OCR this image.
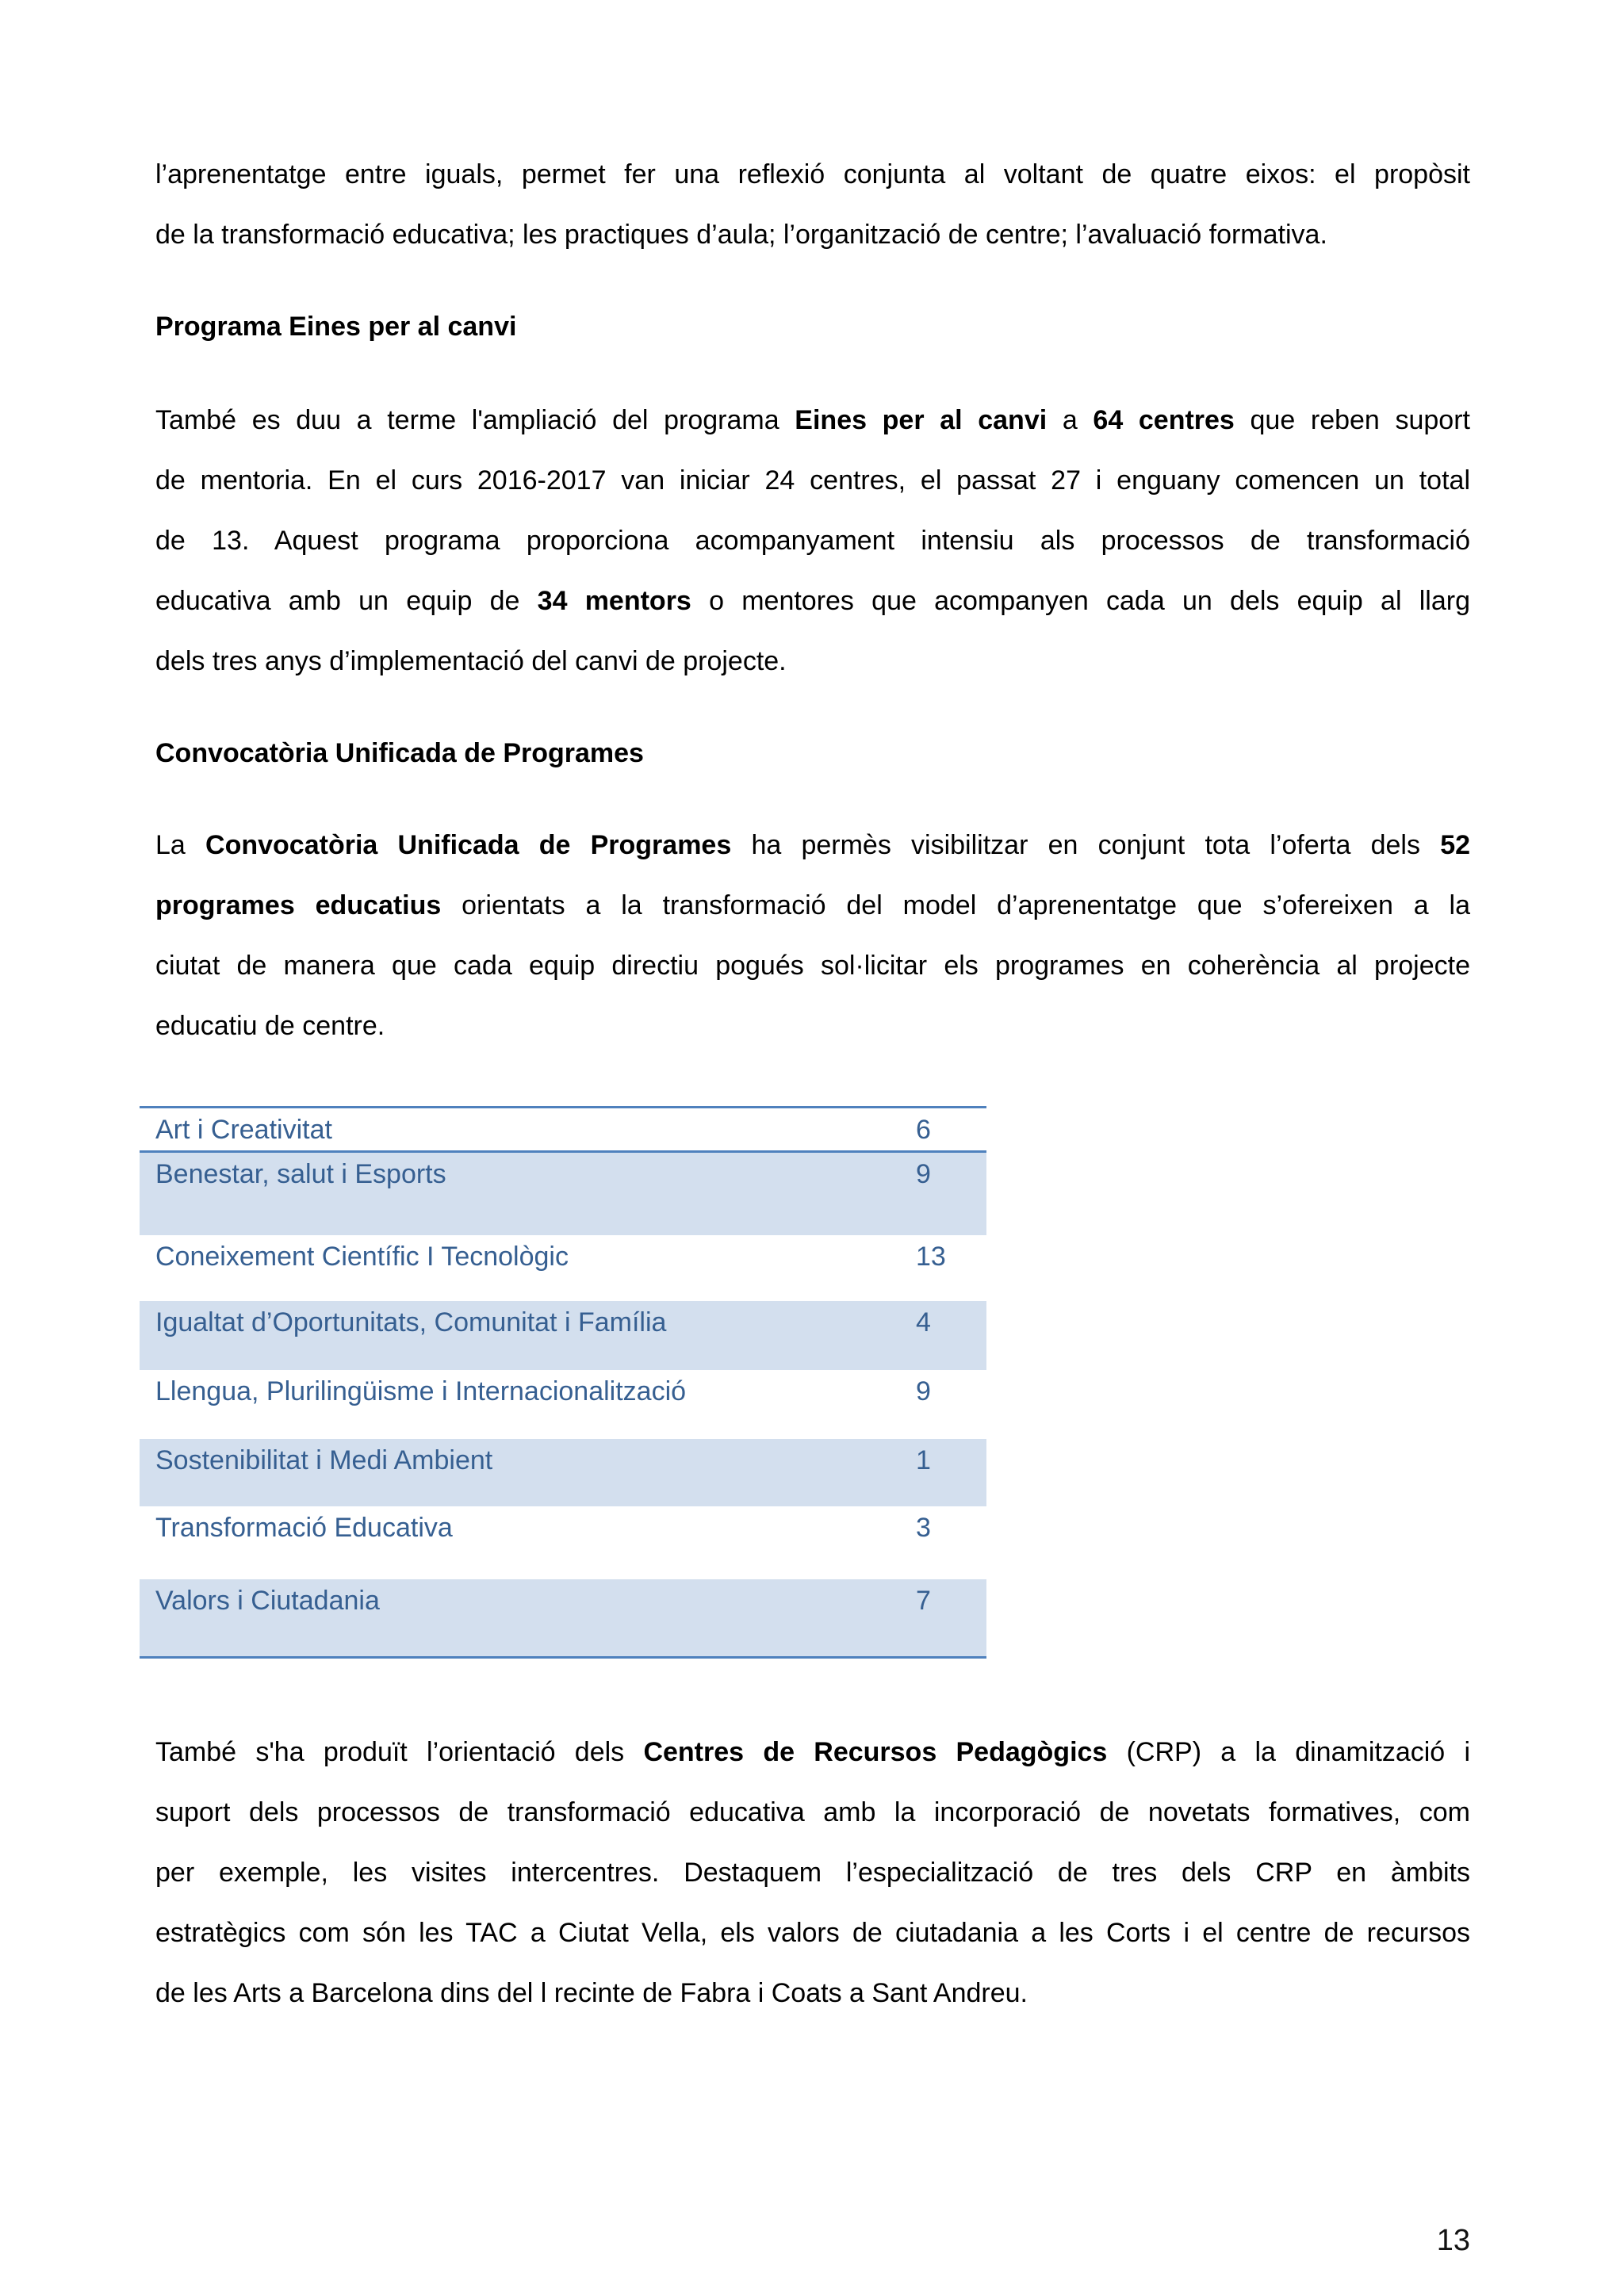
l’aprenentatge entre iguals, permet fer una reflexió conjunta al voltant de quatre eixos: el propòsit
de la transformació educativa; les practiques d’aula; l’organització de centre; l’avaluació formativa.
Programa Eines per al canvi
També es duu a terme l'ampliació del programa Eines per al canvi a 64 centres que reben suport
de mentoria. En el curs 2016-2017 van iniciar 24 centres, el passat 27 i enguany comencen un total
de 13. Aquest programa proporciona acompanyament intensiu als processos de transformació
educativa amb un equip de 34 mentors o mentores que acompanyen cada un dels equip al llarg
dels tres anys d’implementació del canvi de projecte.
Convocatòria Unificada de Programes
La Convocatòria Unificada de Programes ha permès visibilitzar en conjunt tota l’oferta dels 52
programes educatius orientats a la transformació del model d’aprenentatge que s’ofereixen a la
ciutat de manera que cada equip directiu pogués sol·licitar els programes en coherència al projecte
educatiu de centre.
Art i Creativitat	6
Benestar, salut i Esports	9
Coneixement Científic I Tecnològic	13
Igualtat d’Oportunitats, Comunitat i Família	4
Llengua, Plurilingüisme i Internacionalització	9
Sostenibilitat i Medi Ambient	1
Transformació Educativa	3
Valors i Ciutadania	7
També s'ha produït l’orientació dels Centres de Recursos Pedagògics (CRP) a la dinamització i
suport dels processos de transformació educativa amb la incorporació de novetats formatives, com
per exemple, les visites intercentres. Destaquem l’especialització de tres dels CRP en àmbits
estratègics com són les TAC a Ciutat Vella, els valors de ciutadania a les Corts i el centre de recursos
de les Arts a Barcelona dins del l recinte de Fabra i Coats a Sant Andreu.
13
